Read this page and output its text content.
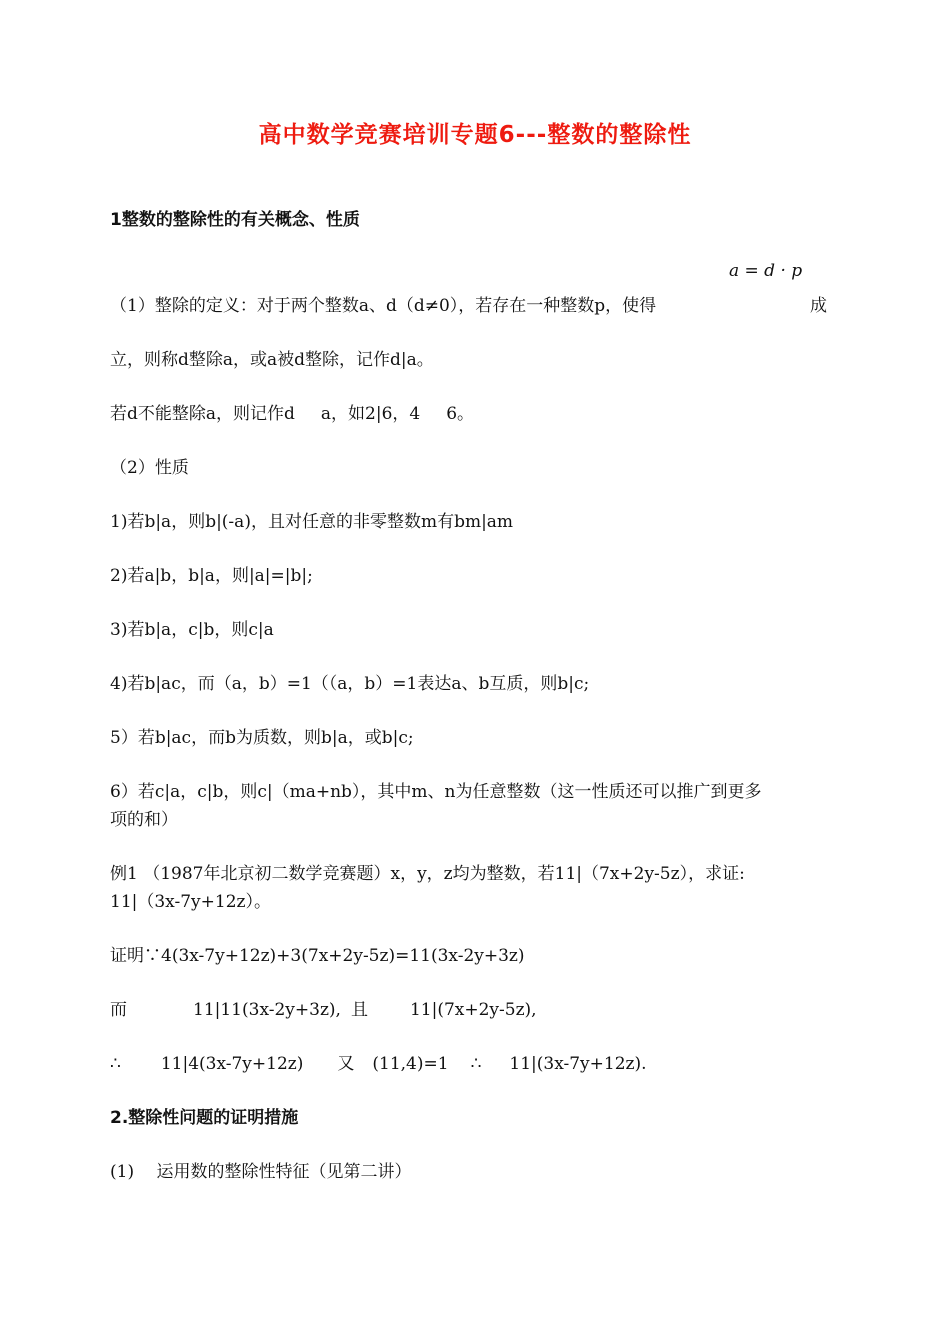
高中数学竞赛培训专题6---整数的整除性
1整数的整除性的有关概念、性质
a = d · p
（1）整除的定义：对于两个整数a、d（d≠0），若存在一种整数p，使得	成
立，则称d整除a，或a被d整除，记作d|a。
若d不能整除a，则记作d a，如2|6，4 6。
（2）性质
1)若b|a，则b|(-a)，且对任意的非零整数m有bm|am
2)若a|b，b|a，则|a|=|b|;
3)若b|a，c|b，则c|a
4)若b|ac，而（a，b）=1（（a，b）=1表达a、b互质，则b|c;
5）若b|ac，而b为质数，则b|a，或b|c;
6）若c|a，c|b，则c|（ma+nb），其中m、n为任意整数（这一性质还可以推广到更多
项的和）
例1 （1987年北京初二数学竞赛题）x，y，z均为整数，若11|（7x+2y-5z），求证:
11|（3x-7y+12z）。
证明∵4(3x-7y+12z)+3(7x+2y-5z)=11(3x-2y+3z)
而	11|11(3x-2y+3z), 且 11|(7x+2y-5z),
∴ 11|4(3x-7y+12z) 又 (11,4)=1 ∴ 11|(3x-7y+12z).
2.整除性问题的证明措施
(1)　 运用数的整除性特征（见第二讲）
